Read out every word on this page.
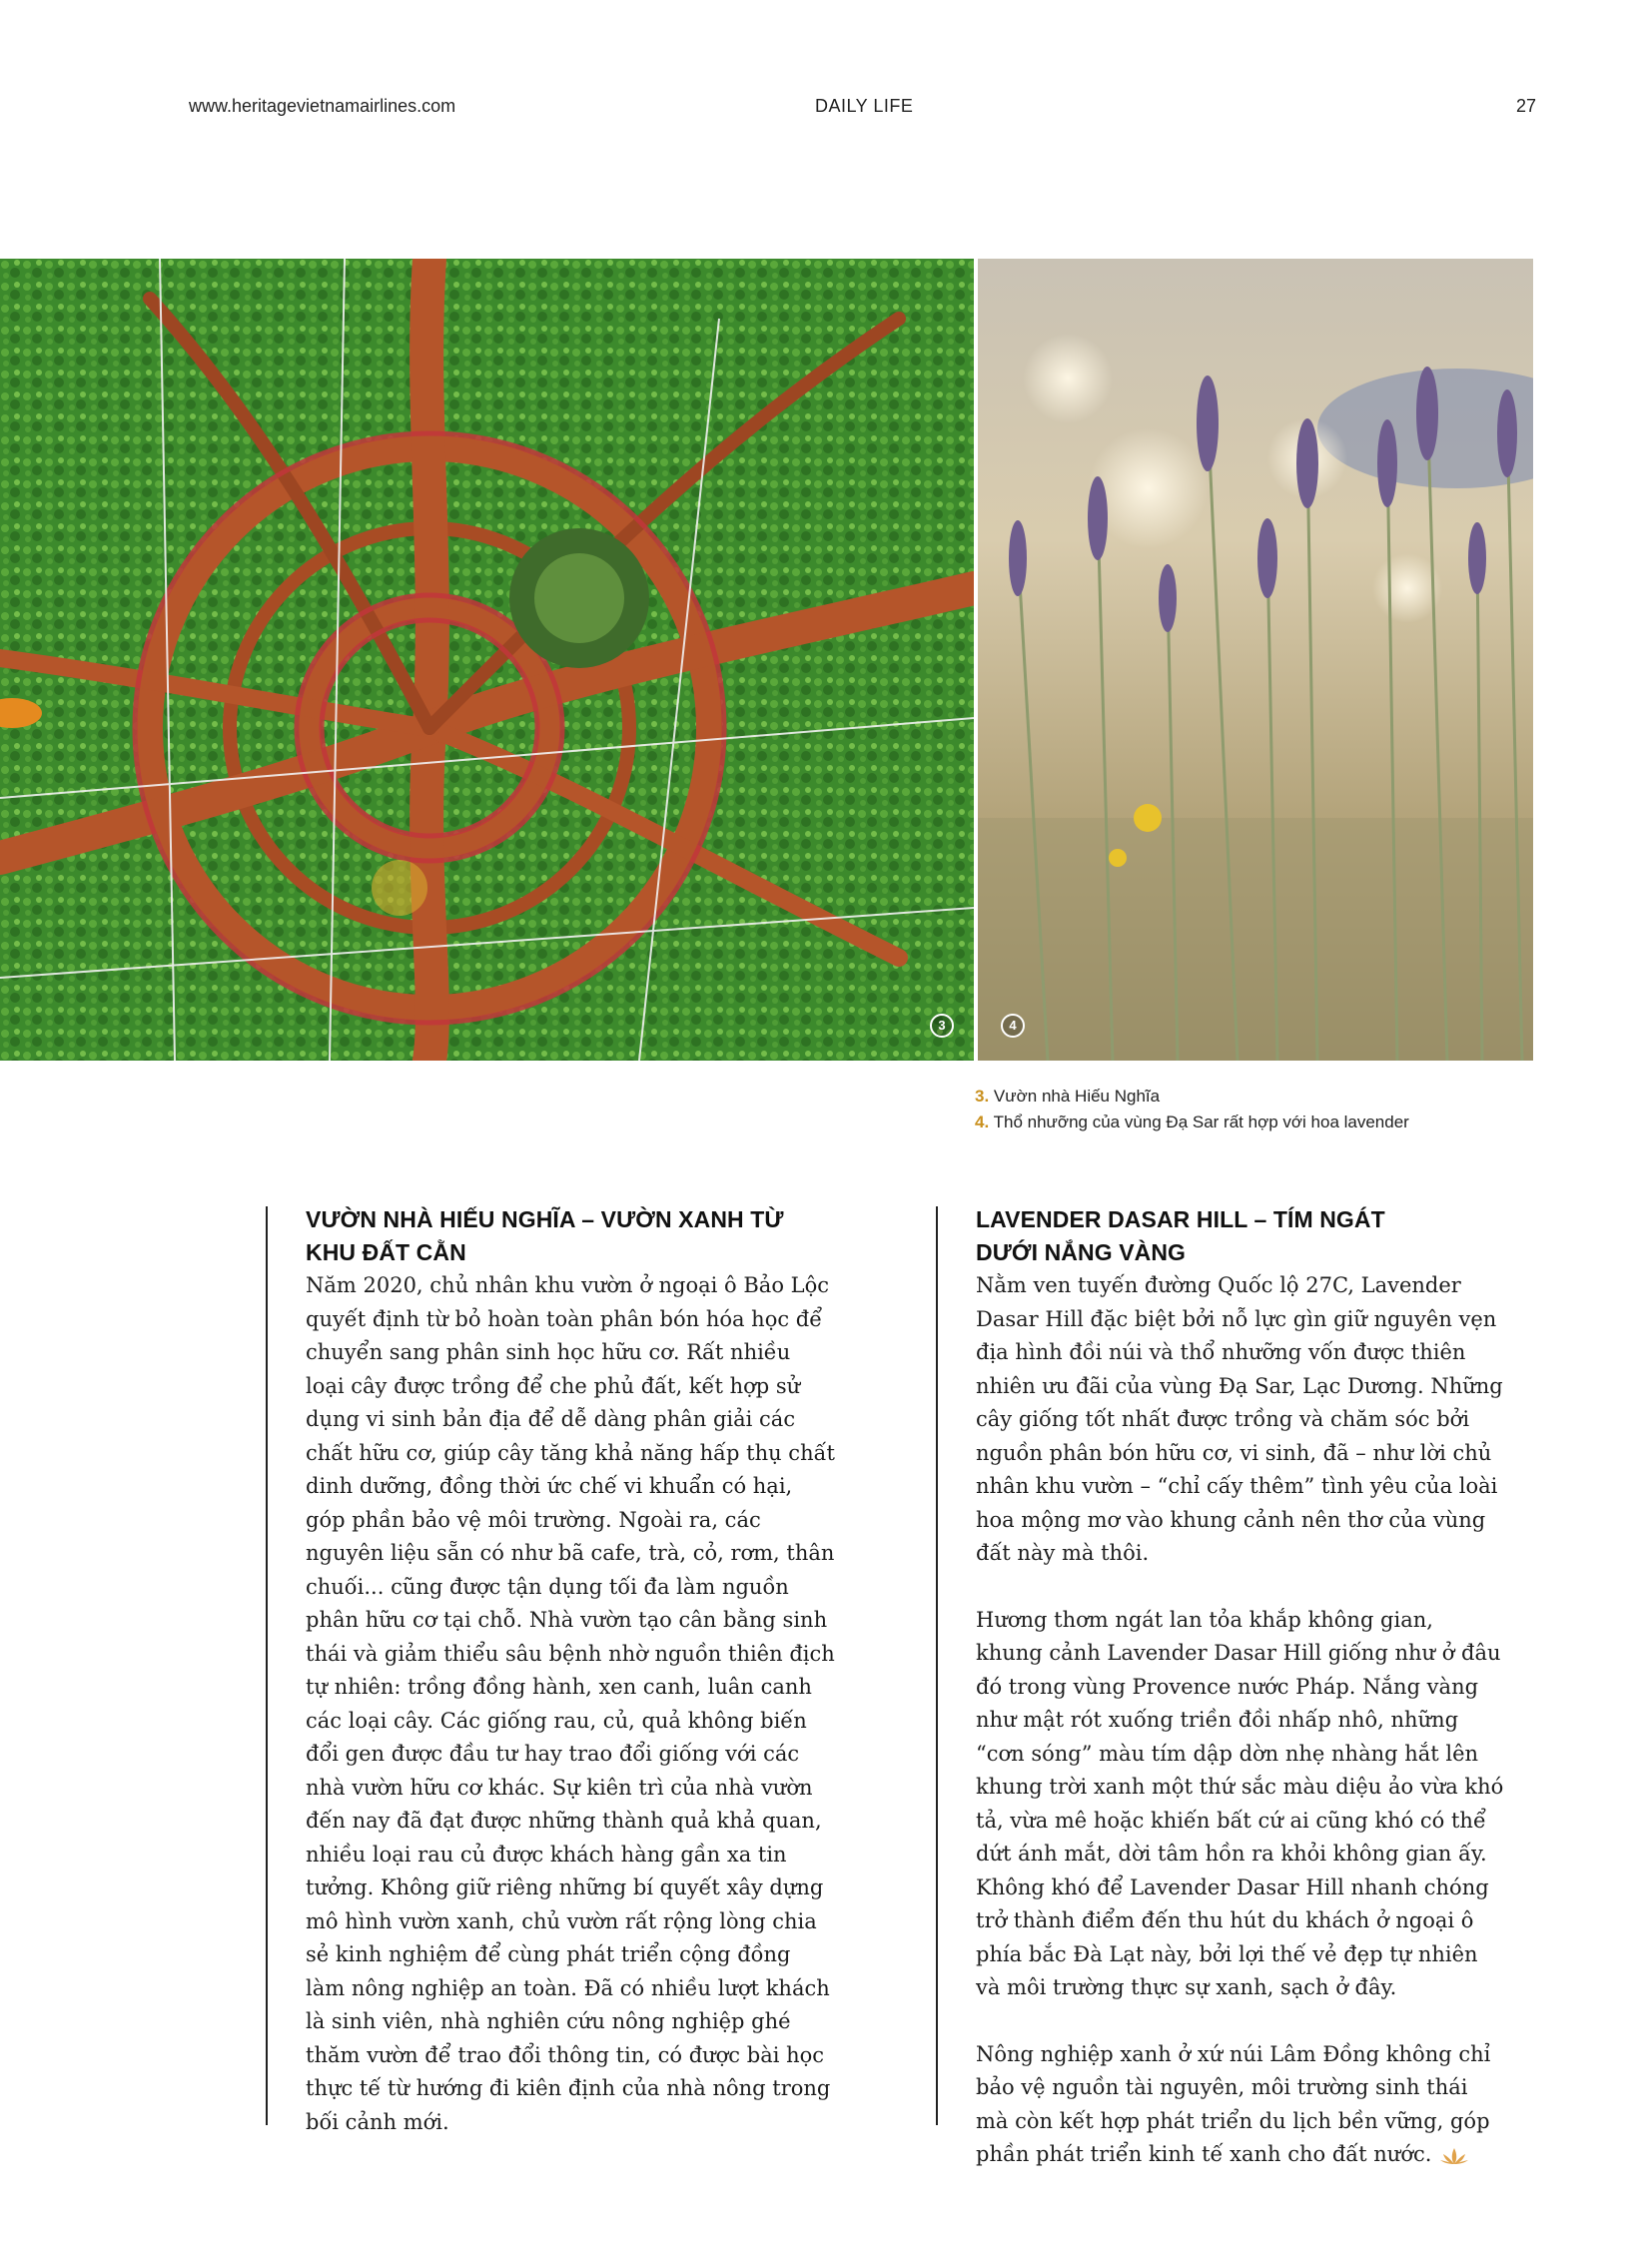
www.heritagevietnamairlines.com	DAILY LIFE	27
3	4
3. Vườn nhà Hiếu Nghĩa
4. Thổ nhưỡng của vùng Đạ Sar rất hợp với hoa lavender
VƯỜN NHÀ HIẾU NGHĨA – VƯỜN XANH TỪ
KHU ĐẤT CẰN

Năm 2020, chủ nhân khu vườn ở ngoại ô Bảo Lộc quyết định từ bỏ hoàn toàn phân bón hóa học để chuyển sang phân sinh học hữu cơ. Rất nhiều loại cây được trồng để che phủ đất, kết hợp sử dụng vi sinh bản địa để dễ dàng phân giải các chất hữu cơ, giúp cây tăng khả năng hấp thụ chất dinh dưỡng, đồng thời ức chế vi khuẩn có hại, góp phần bảo vệ môi trường. Ngoài ra, các nguyên liệu sẵn có như bã cafe, trà, cỏ, rơm, thân chuối... cũng được tận dụng tối đa làm nguồn phân hữu cơ tại chỗ. Nhà vườn tạo cân bằng sinh thái và giảm thiểu sâu bệnh nhờ nguồn thiên địch tự nhiên: trồng đồng hành, xen canh, luân canh các loại cây. Các giống rau, củ, quả không biến đổi gen được đầu tư hay trao đổi giống với các nhà vườn hữu cơ khác. Sự kiên trì của nhà vườn đến nay đã đạt được những thành quả khả quan, nhiều loại rau củ được khách hàng gần xa tin tưởng. Không giữ riêng những bí quyết xây dựng mô hình vườn xanh, chủ vườn rất rộng lòng chia sẻ kinh nghiệm để cùng phát triển cộng đồng làm nông nghiệp an toàn. Đã có nhiều lượt khách là sinh viên, nhà nghiên cứu nông nghiệp ghé thăm vườn để trao đổi thông tin, có được bài học thực tế từ hướng đi kiên định của nhà nông trong bối cảnh mới.

LAVENDER DASAR HILL – TÍM NGÁT
DƯỚI NẮNG VÀNG

Nằm ven tuyến đường Quốc lộ 27C, Lavender Dasar Hill đặc biệt bởi nỗ lực gìn giữ nguyên vẹn địa hình đồi núi và thổ nhưỡng vốn được thiên nhiên ưu đãi của vùng Đạ Sar, Lạc Dương. Những cây giống tốt nhất được trồng và chăm sóc bởi nguồn phân bón hữu cơ, vi sinh, đã – như lời chủ nhân khu vườn – “chỉ cấy thêm” tình yêu của loài hoa mộng mơ vào khung cảnh nên thơ của vùng đất này mà thôi.

Hương thơm ngát lan tỏa khắp không gian, khung cảnh Lavender Dasar Hill giống như ở đâu đó trong vùng Provence nước Pháp. Nắng vàng như mật rót xuống triền đồi nhấp nhô, những “cơn sóng” màu tím dập dờn nhẹ nhàng hắt lên khung trời xanh một thứ sắc màu diệu ảo vừa khó tả, vừa mê hoặc khiến bất cứ ai cũng khó có thể dứt ánh mắt, dời tâm hồn ra khỏi không gian ấy. Không khó để Lavender Dasar Hill nhanh chóng trở thành điểm đến thu hút du khách ở ngoại ô phía bắc Đà Lạt này, bởi lợi thế vẻ đẹp tự nhiên và môi trường thực sự xanh, sạch ở đây.

Nông nghiệp xanh ở xứ núi Lâm Đồng không chỉ bảo vệ nguồn tài nguyên, môi trường sinh thái mà còn kết hợp phát triển du lịch bền vững, góp phần phát triển kinh tế xanh cho đất nước.
